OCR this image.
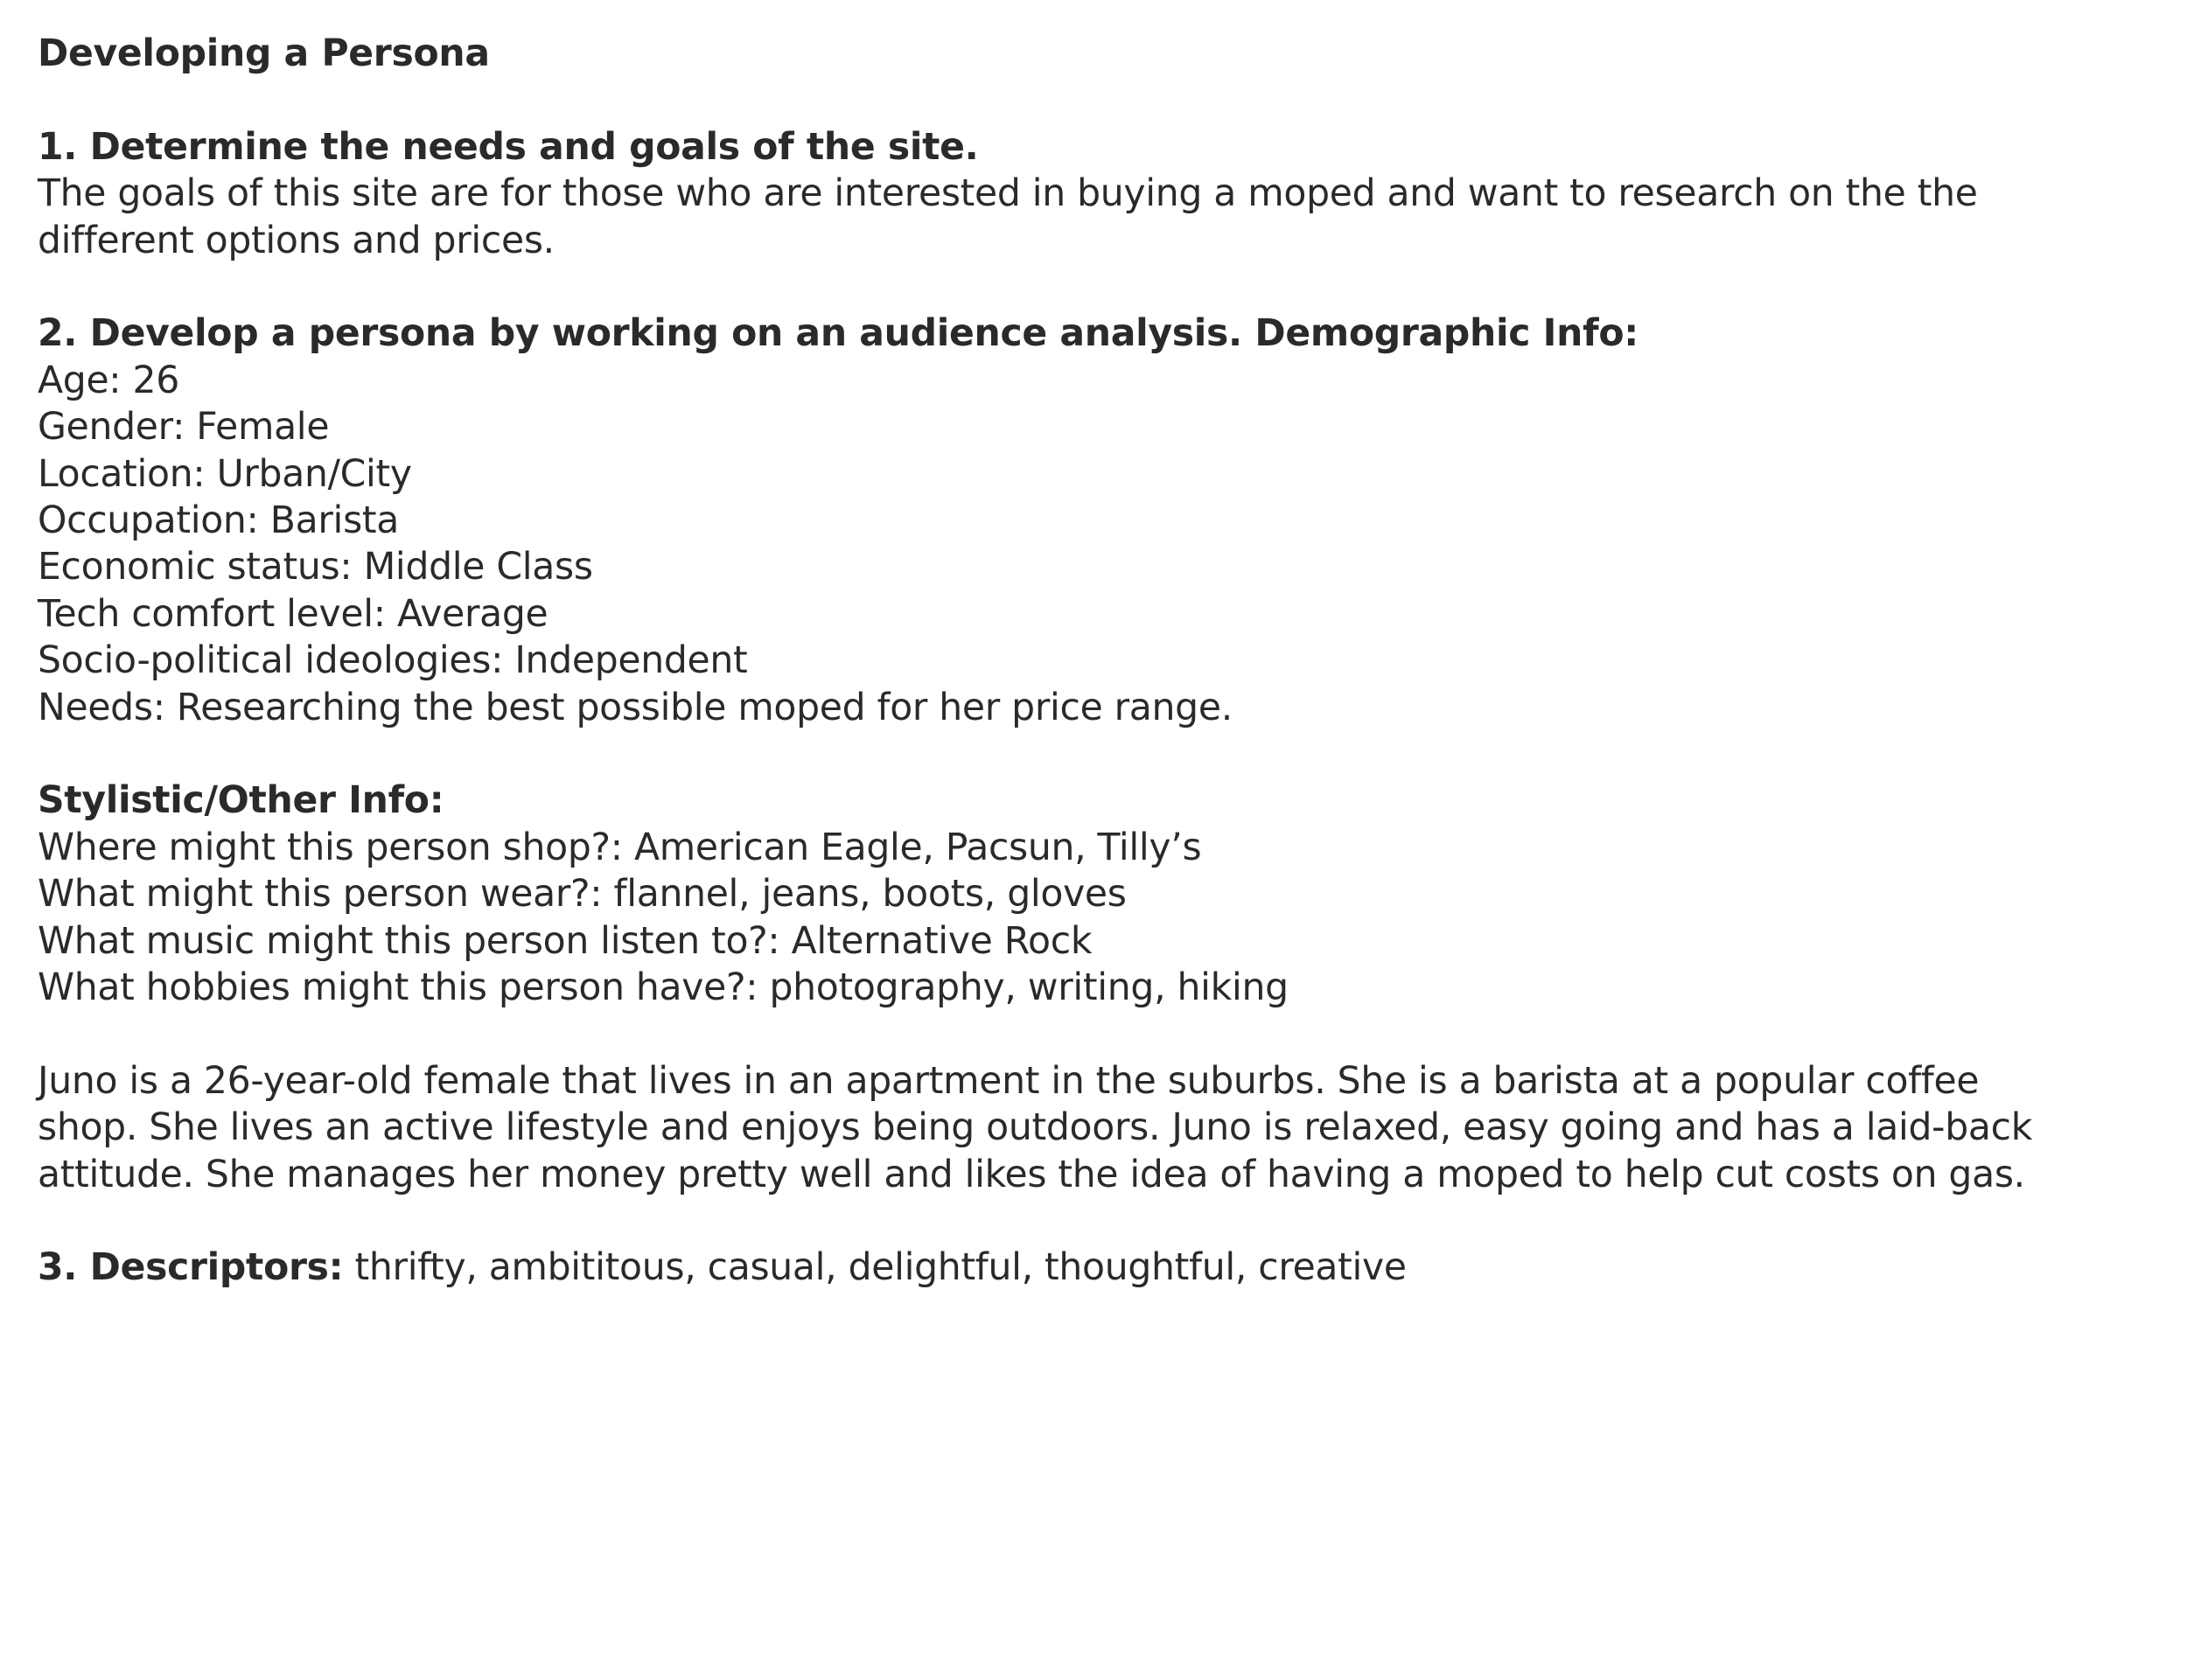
Developing a Persona

1. Determine the needs and goals of the site.

The goals of this site are for those who are interested in buying a moped and want to research on the the

different options and prices.

2. Develop a persona by working on an audience analysis. Demographic Info:

Age: 26

Gender: Female

Location: Urban/City

Occupation: Barista

Economic status: Middle Class

Tech comfort level: Average

Socio-political ideologies: Independent

Needs: Researching the best possible moped for her price range.

Stylistic/Other Info:

Where might this person shop?: American Eagle, Pacsun, Tilly’s

What might this person wear?: flannel, jeans, boots, gloves

What music might this person listen to?: Alternative Rock

What hobbies might this person have?: photography, writing, hiking

Juno is a 26-year-old female that lives in an apartment in the suburbs. She is a barista at a popular coffee

shop. She lives an active lifestyle and enjoys being outdoors. Juno is relaxed, easy going and has a laid-back

attitude. She manages her money pretty well and likes the idea of having a moped to help cut costs on gas.

3. Descriptors: thrifty, ambititous, casual, delightful, thoughtful, creative
